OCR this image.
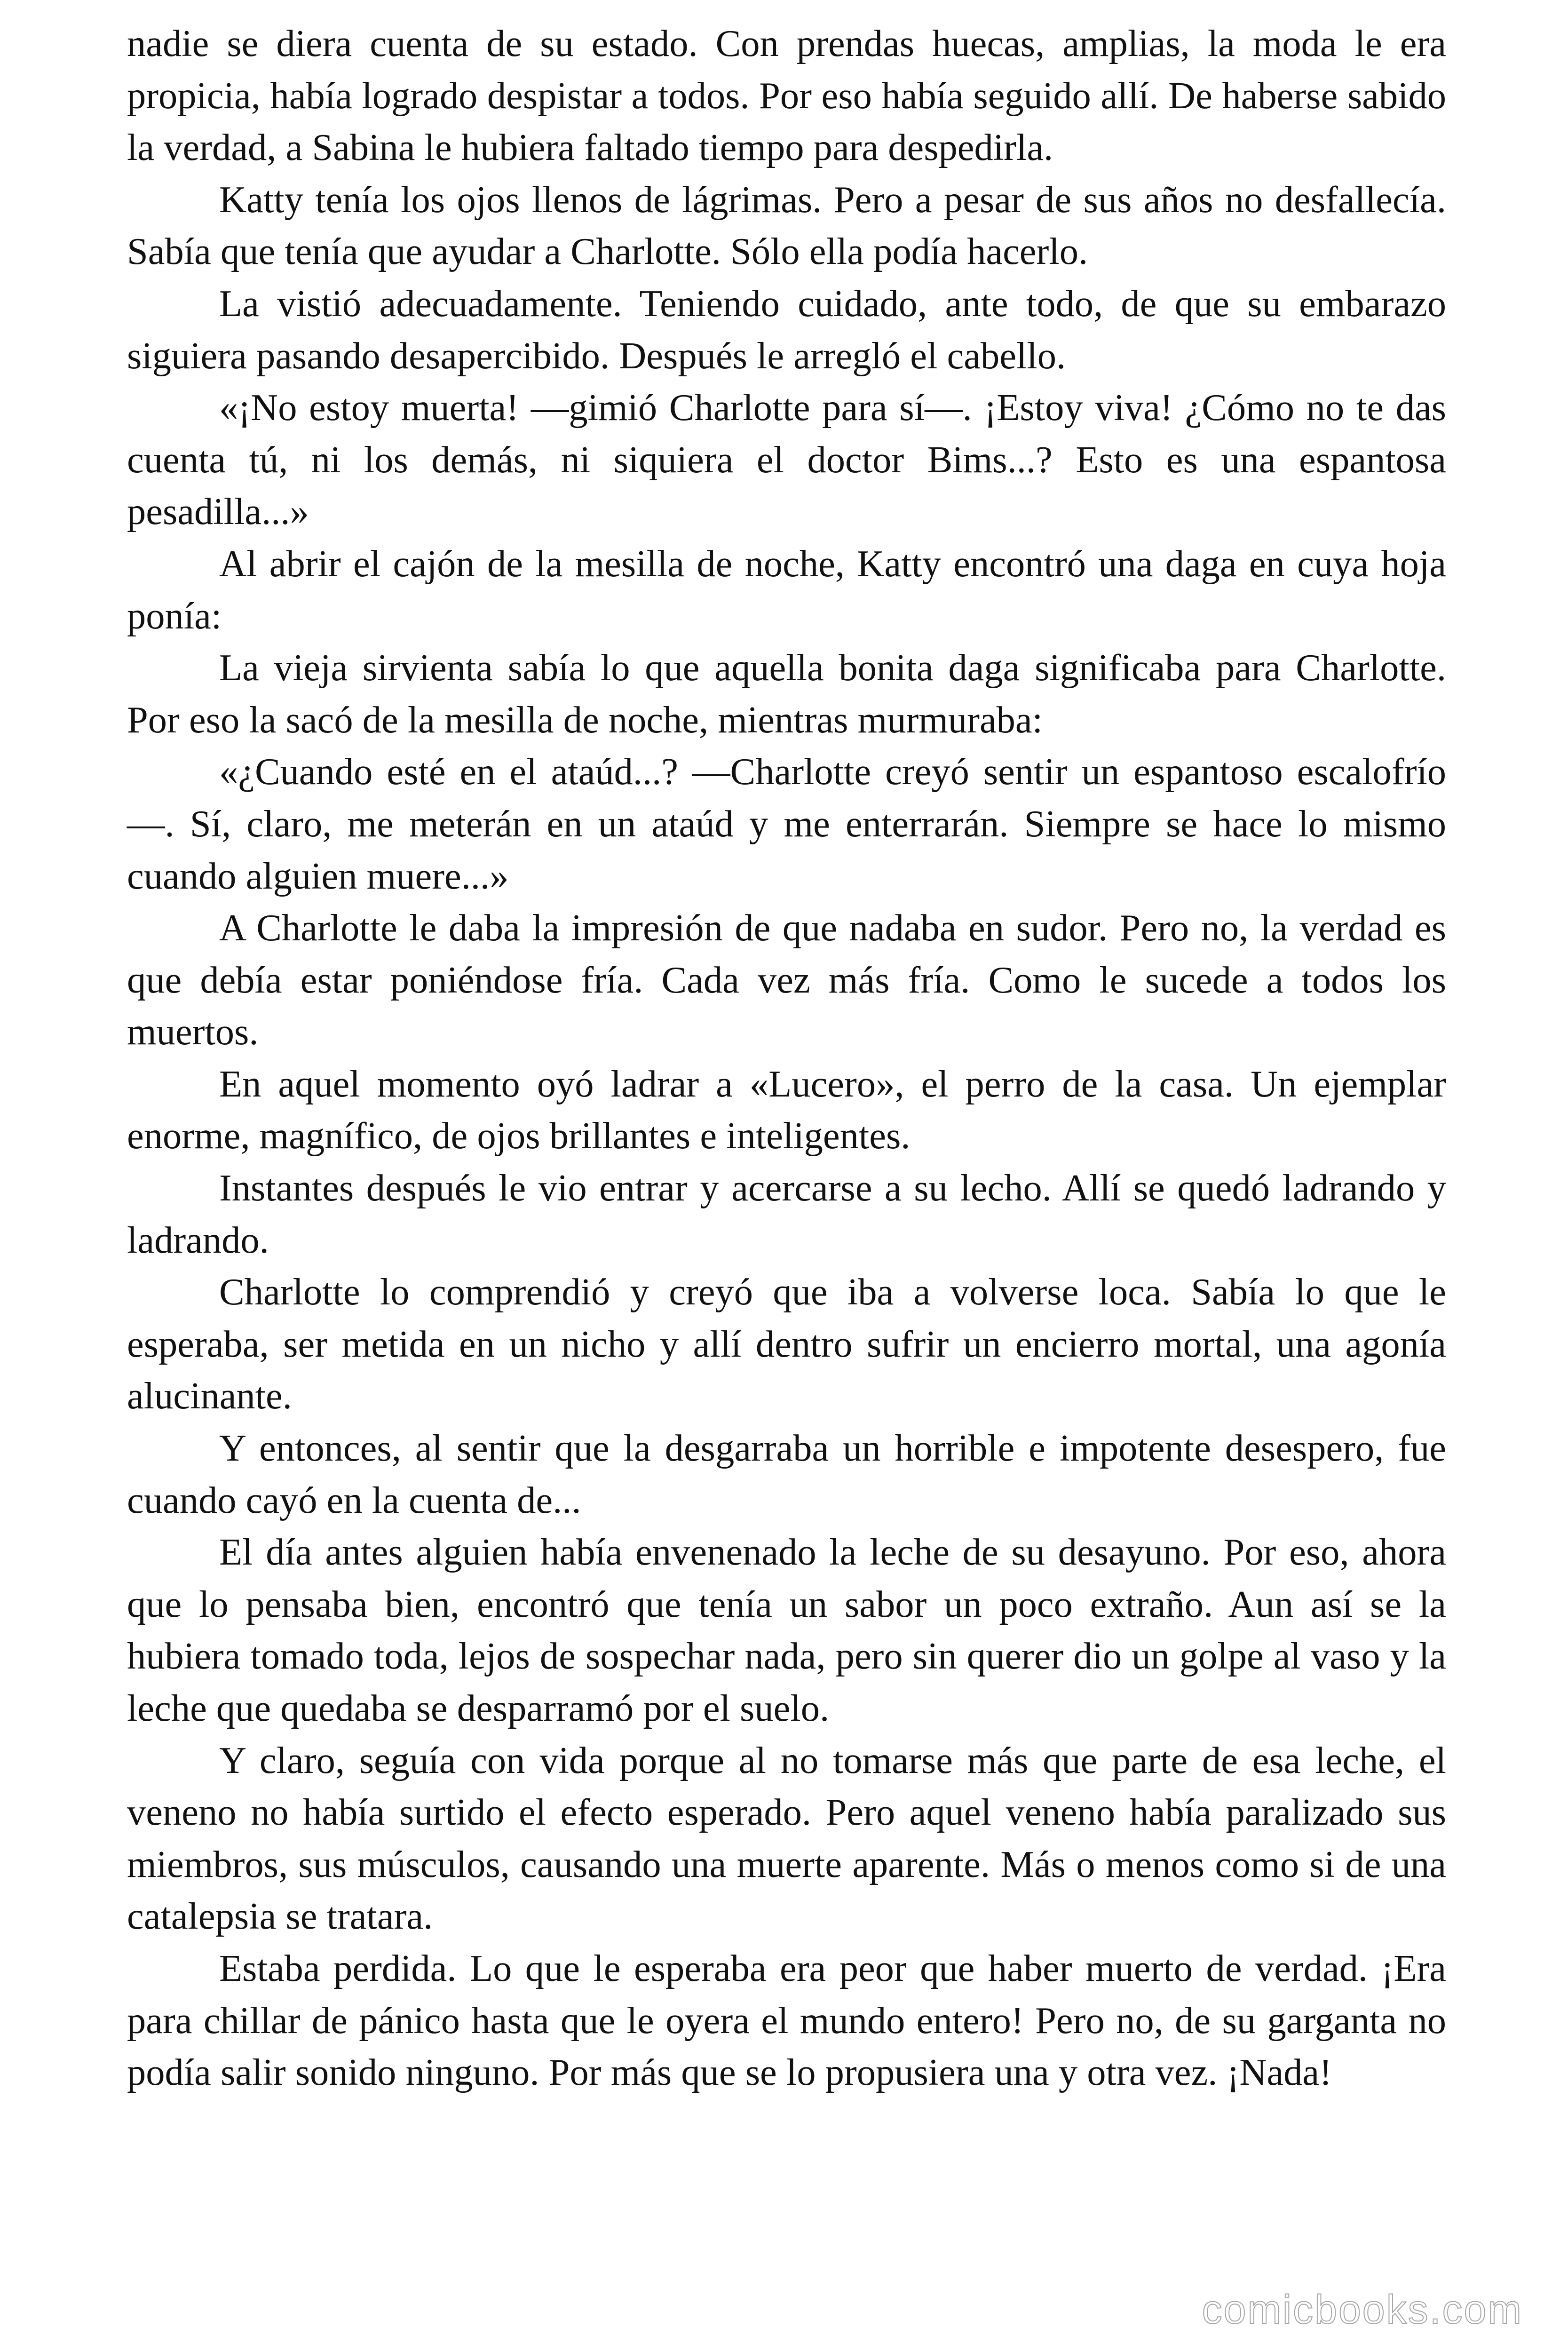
nadie se diera cuenta de su estado. Con prendas huecas, amplias, la moda le era propicia, había logrado despistar a todos. Por eso había seguido allí. De haberse sabido la verdad, a Sabina le hubiera faltado tiempo para despedirla.

Katty tenía los ojos llenos de lágrimas. Pero a pesar de sus años no desfallecía. Sabía que tenía que ayudar a Charlotte. Sólo ella podía hacerlo.

La vistió adecuadamente. Teniendo cuidado, ante todo, de que su embarazo siguiera pasando desapercibido. Después le arregló el cabello.

«¡No estoy muerta! —gimió Charlotte para sí—. ¡Estoy viva! ¿Cómo no te das cuenta tú, ni los demás, ni siquiera el doctor Bims...? Esto es una espantosa pesadilla...»

Al abrir el cajón de la mesilla de noche, Katty encontró una daga en cuya hoja ponía:

La vieja sirvienta sabía lo que aquella bonita daga significaba para Charlotte. Por eso la sacó de la mesilla de noche, mientras murmuraba:

«¿Cuando esté en el ataúd...? —Charlotte creyó sentir un espantoso escalofrío—. Sí, claro, me meterán en un ataúd y me enterrarán. Siempre se hace lo mismo cuando alguien muere...»

A Charlotte le daba la impresión de que nadaba en sudor. Pero no, la verdad es que debía estar poniéndose fría. Cada vez más fría. Como le sucede a todos los muertos.

En aquel momento oyó ladrar a «Lucero», el perro de la casa. Un ejemplar enorme, magnífico, de ojos brillantes e inteligentes.

Instantes después le vio entrar y acercarse a su lecho. Allí se quedó ladrando y ladrando.

Charlotte lo comprendió y creyó que iba a volverse loca. Sabía lo que le esperaba, ser metida en un nicho y allí dentro sufrir un encierro mortal, una agonía alucinante.

Y entonces, al sentir que la desgarraba un horrible e impotente desespero, fue cuando cayó en la cuenta de...

El día antes alguien había envenenado la leche de su desayuno. Por eso, ahora que lo pensaba bien, encontró que tenía un sabor un poco extraño. Aun así se la hubiera tomado toda, lejos de sospechar nada, pero sin querer dio un golpe al vaso y la leche que quedaba se desparramó por el suelo.

Y claro, seguía con vida porque al no tomarse más que parte de esa leche, el veneno no había surtido el efecto esperado. Pero aquel veneno había paralizado sus miembros, sus músculos, causando una muerte aparente. Más o menos como si de una catalepsia se tratara.

Estaba perdida. Lo que le esperaba era peor que haber muerto de verdad. ¡Era para chillar de pánico hasta que le oyera el mundo entero! Pero no, de su garganta no podía salir sonido ninguno. Por más que se lo propusiera una y otra vez. ¡Nada!

comicbooks.com
